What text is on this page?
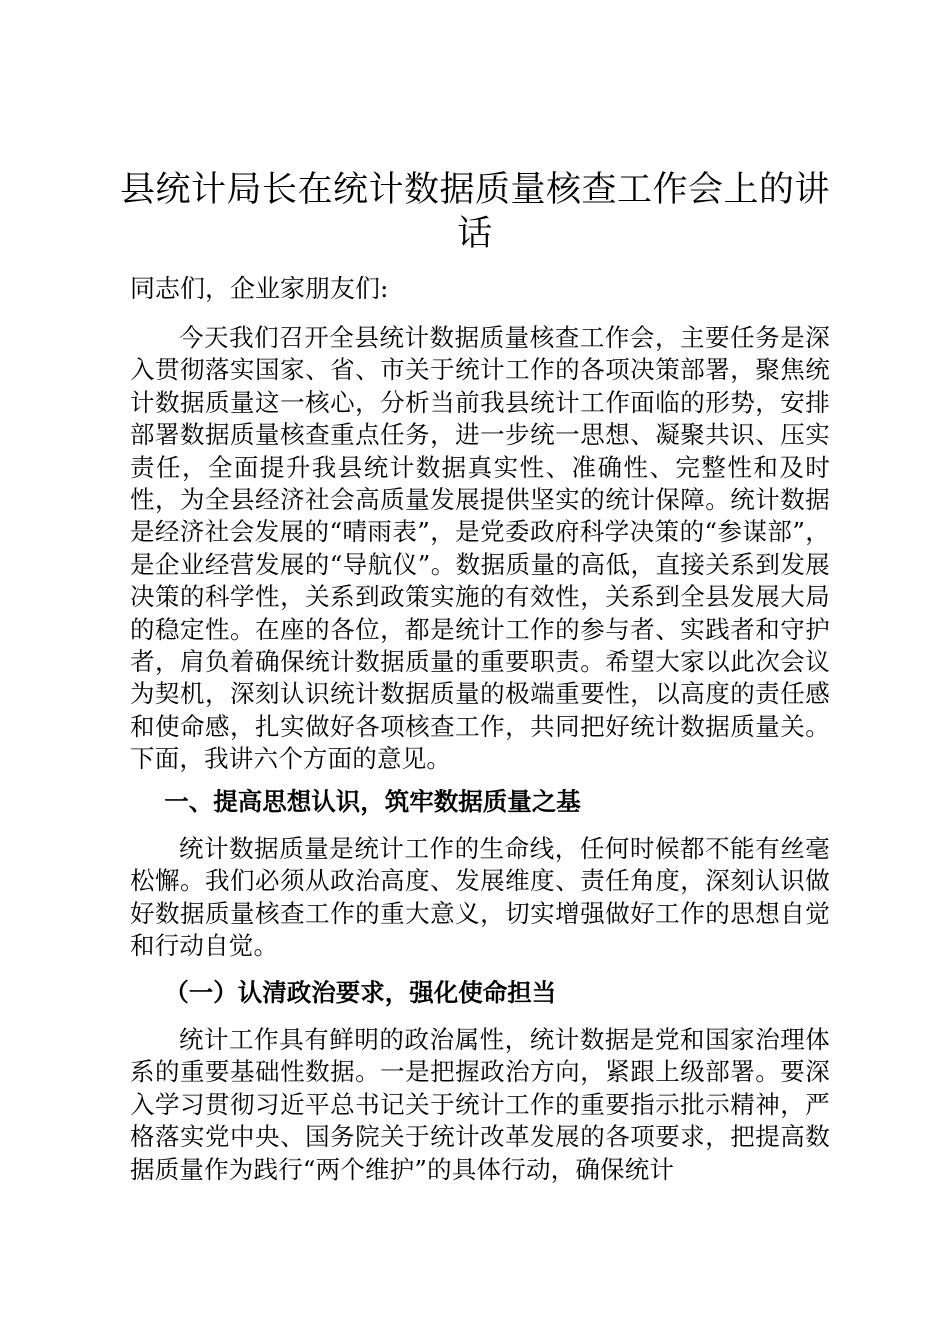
县统计局长在统计数据质量核查工作会上的讲话

同志们，企业家朋友们:

今天我们召开全县统计数据质量核查工作会，主要任务是深入贯彻落实国家、省、市关于统计工作的各项决策部署，聚焦统计数据质量这一核心，分析当前我县统计工作面临的形势，安排部署数据质量核查重点任务，进一步统一思想、凝聚共识、压实责任，全面提升我县统计数据真实性、准确性、完整性和及时性，为全县经济社会高质量发展提供坚实的统计保障。统计数据是经济社会发展的“晴雨表”，是党委政府科学决策的“参谋部”，是企业经营发展的“导航仪”。数据质量的高低，直接关系到发展决策的科学性，关系到政策实施的有效性，关系到全县发展大局的稳定性。在座的各位，都是统计工作的参与者、实践者和守护者，肩负着确保统计数据质量的重要职责。希望大家以此次会议为契机，深刻认识统计数据质量的极端重要性，以高度的责任感和使命感，扎实做好各项核查工作，共同把好统计数据质量关。下面，我讲六个方面的意见。

一、提高思想认识，筑牢数据质量之基

统计数据质量是统计工作的生命线，任何时候都不能有丝毫松懈。我们必须从政治高度、发展维度、责任角度，深刻认识做好数据质量核查工作的重大意义，切实增强做好工作的思想自觉和行动自觉。

（一）认清政治要求，强化使命担当

统计工作具有鲜明的政治属性，统计数据是党和国家治理体系的重要基础性数据。一是把握政治方向，紧跟上级部署。要深入学习贯彻习近平总书记关于统计工作的重要指示批示精神，严格落实党中央、国务院关于统计改革发展的各项要求，把提高数据质量作为践行“两个维护”的具体行动，确保统计
